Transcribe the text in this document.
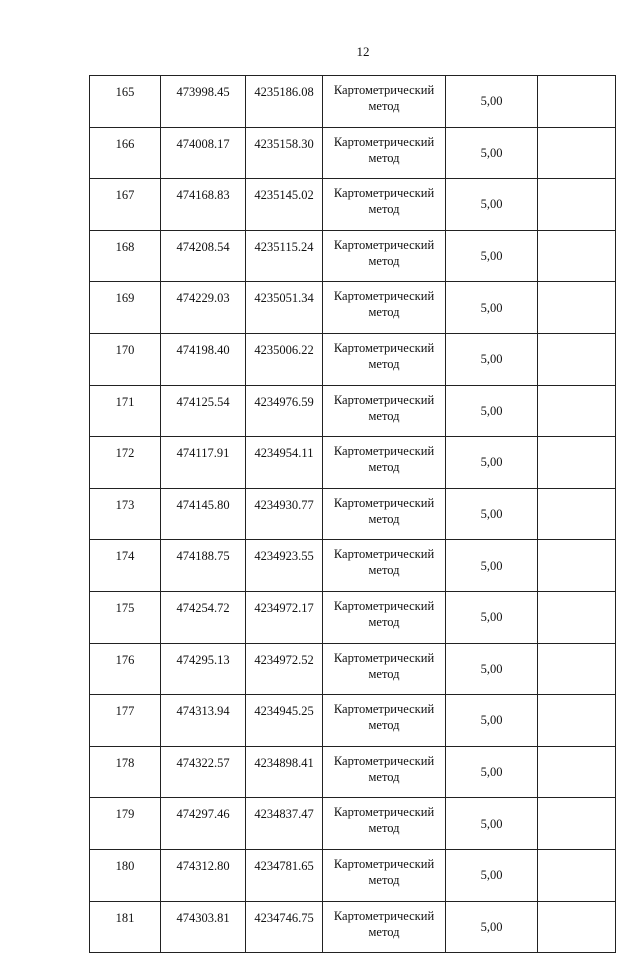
12
165	473998.45	4235186.08	Картометрический
метод	5,00	
166	474008.17	4235158.30	Картометрический
метод	5,00	
167	474168.83	4235145.02	Картометрический
метод	5,00	
168	474208.54	4235115.24	Картометрический
метод	5,00	
169	474229.03	4235051.34	Картометрический
метод	5,00	
170	474198.40	4235006.22	Картометрический
метод	5,00	
171	474125.54	4234976.59	Картометрический
метод	5,00	
172	474117.91	4234954.11	Картометрический
метод	5,00	
173	474145.80	4234930.77	Картометрический
метод	5,00	
174	474188.75	4234923.55	Картометрический
метод	5,00	
175	474254.72	4234972.17	Картометрический
метод	5,00	
176	474295.13	4234972.52	Картометрический
метод	5,00	
177	474313.94	4234945.25	Картометрический
метод	5,00	
178	474322.57	4234898.41	Картометрический
метод	5,00	
179	474297.46	4234837.47	Картометрический
метод	5,00	
180	474312.80	4234781.65	Картометрический
метод	5,00	
181	474303.81	4234746.75	Картометрический
метод	5,00	
